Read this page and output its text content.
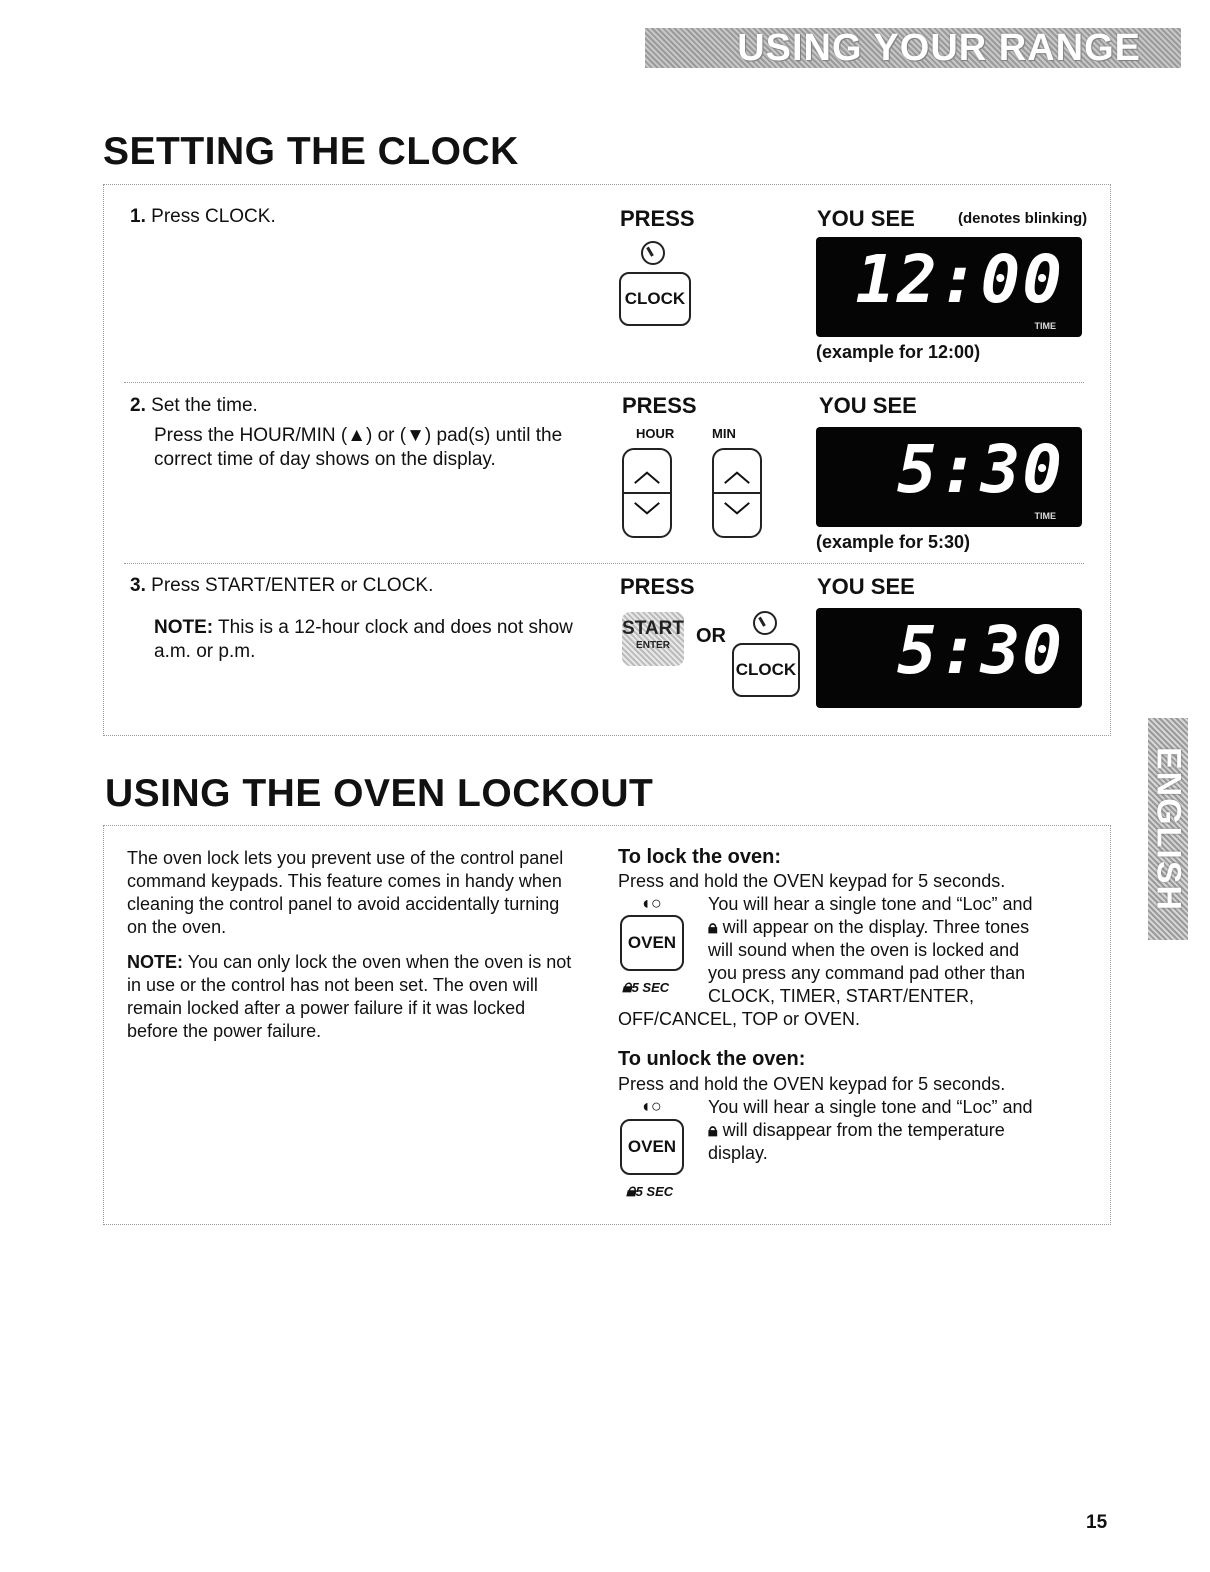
USING YOUR RANGE
ENGLISH
SETTING THE CLOCK
1. Press CLOCK.	PRESS	YOU SEE	(denotes blinking)
CLOCK	12:00
TIME
(example for 12:00)
2. Set the time.
Press the HOUR/MIN (▲) or (▼) pad(s) until the correct time of day shows on the display.
PRESS	YOU SEE
HOUR	MIN
︿
﹀
︿
﹀
5:30
TIME
(example for 5:30)
3. Press START/ENTER or CLOCK.
NOTE: This is a 12-hour clock and does not show a.m. or p.m.
PRESS	YOU SEE
START
ENTER	OR
CLOCK 5:30
USING THE OVEN LOCKOUT
The oven lock lets you prevent use of the control panel command keypads. This feature comes in handy when cleaning the control panel to avoid accidentally turning on the oven.
NOTE: You can only lock the oven when the oven is not in use or the control has not been set. The oven will remain locked after a power failure if it was locked before the power failure.
To lock the oven:
Press and hold the OVEN keypad for 5 seconds.
◖○
OVEN
🔒︎5 SEC
You will hear a single tone and “Loc” and
🔒︎ will appear on the display. Three tones
will sound when the oven is locked and
you press any command pad other than
CLOCK, TIMER, START/ENTER,
OFF/CANCEL, TOP or OVEN.
To unlock the oven:
Press and hold the OVEN keypad for 5 seconds.
◖○
OVEN
🔒︎5 SEC
You will hear a single tone and “Loc” and
🔒︎ will disappear from the temperature
display.
15
